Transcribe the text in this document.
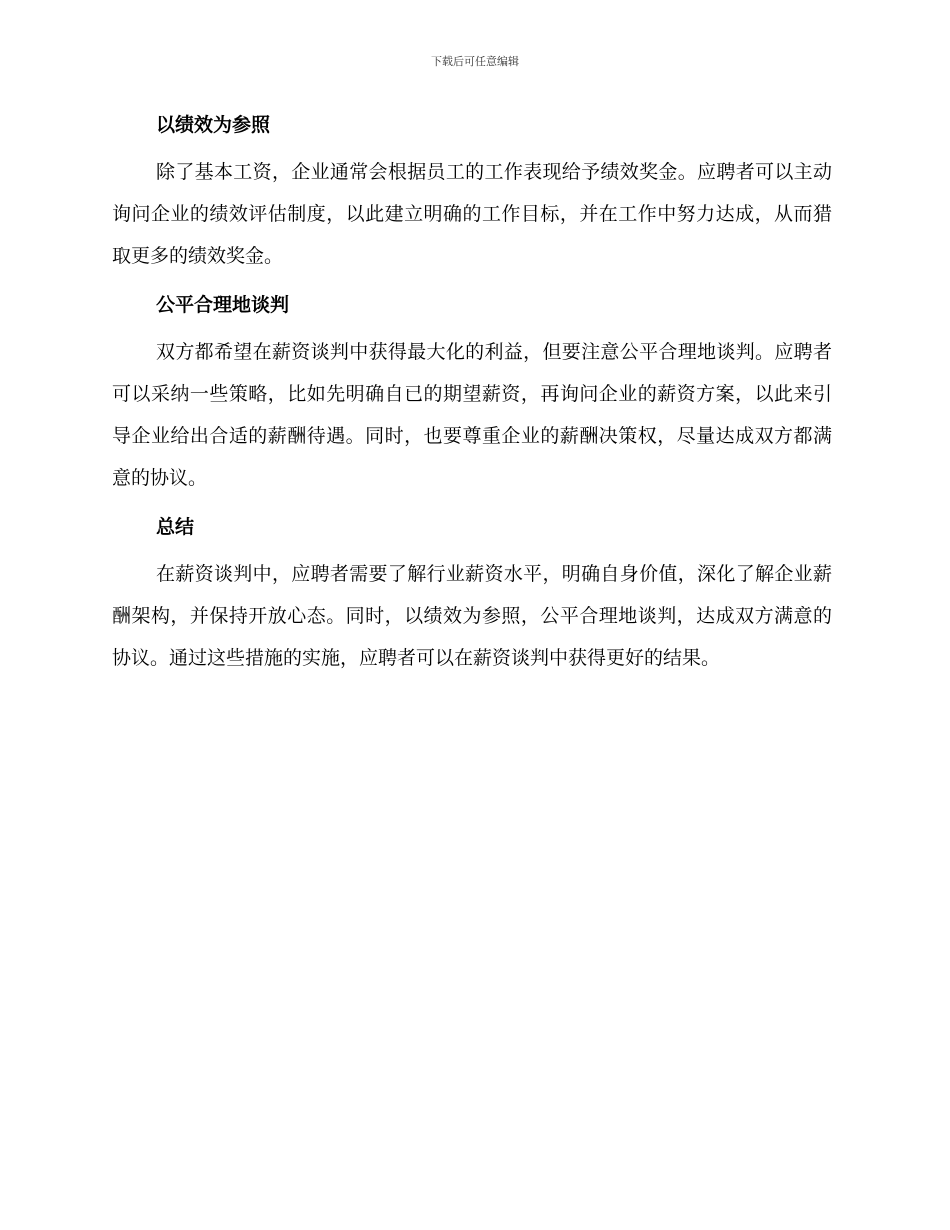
下载后可任意编辑
以绩效为参照

除了基本工资，企业通常会根据员工的工作表现给予绩效奖金。应聘者可以主动询问企业的绩效评估制度，以此建立明确的工作目标，并在工作中努力达成，从而猎取更多的绩效奖金。

公平合理地谈判

双方都希望在薪资谈判中获得最大化的利益，但要注意公平合理地谈判。应聘者可以采纳一些策略，比如先明确自已的期望薪资，再询问企业的薪资方案，以此来引导企业给出合适的薪酬待遇。同时，也要尊重企业的薪酬决策权，尽量达成双方都满意的协议。

总结

在薪资谈判中，应聘者需要了解行业薪资水平，明确自身价值，深化了解企业薪酬架构，并保持开放心态。同时，以绩效为参照，公平合理地谈判，达成双方满意的协议。通过这些措施的实施，应聘者可以在薪资谈判中获得更好的结果。
